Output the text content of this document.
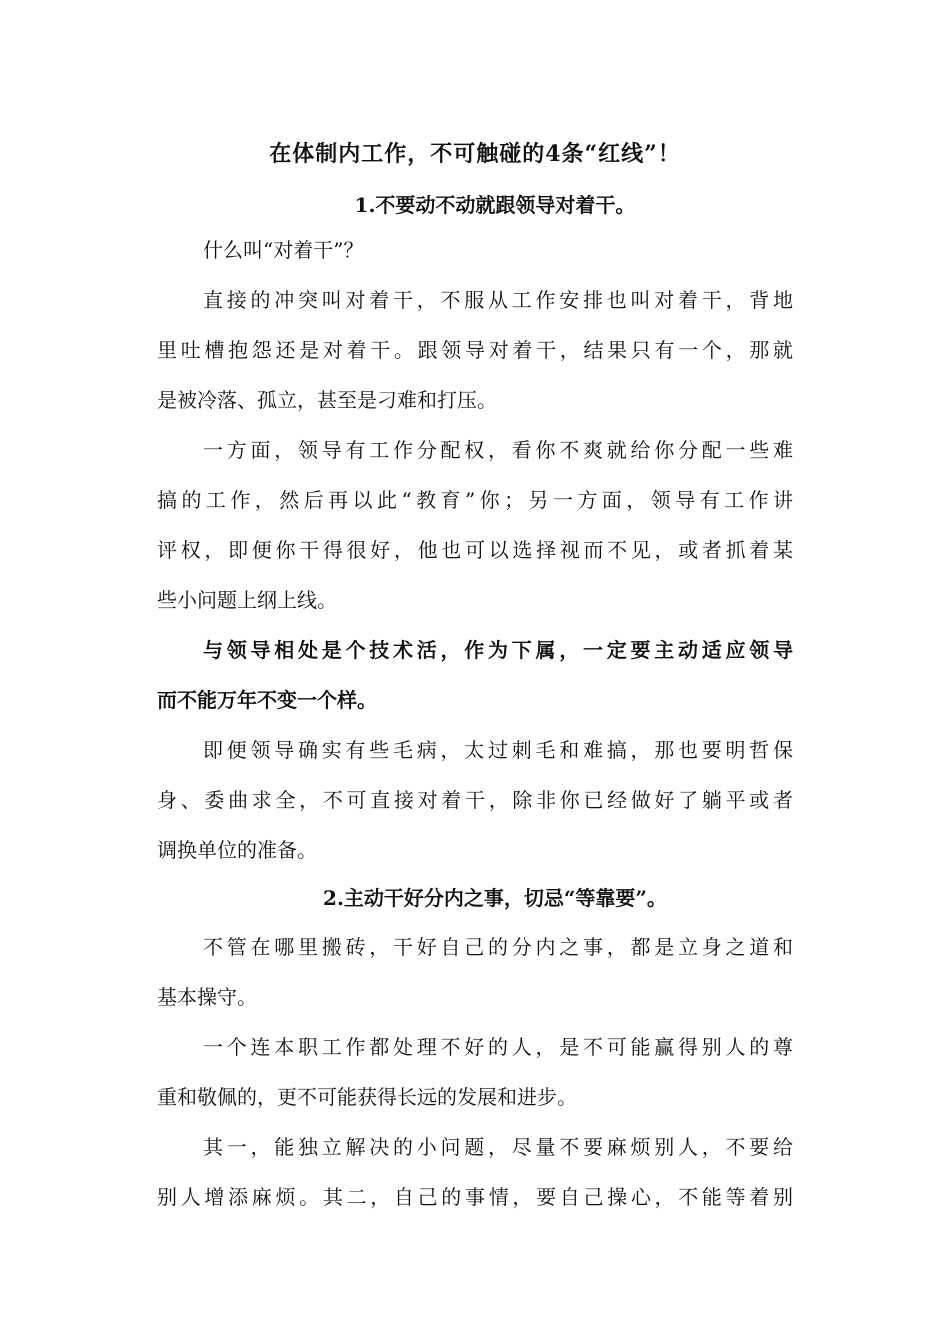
在体制内工作，不可触碰的4条“红线”！
1.不要动不动就跟领导对着干。
什么叫“对着干”？
直接的冲突叫对着干，不服从工作安排也叫对着干，背地
里吐槽抱怨还是对着干。跟领导对着干，结果只有一个，那就
是被冷落、孤立，甚至是刁难和打压。
一方面，领导有工作分配权，看你不爽就给你分配一些难
搞的工作，然后再以此“教育”你；另一方面，领导有工作讲
评权，即便你干得很好，他也可以选择视而不见，或者抓着某
些小问题上纲上线。
与领导相处是个技术活，作为下属，一定要主动适应领导
而不能万年不变一个样。
即便领导确实有些毛病，太过刺毛和难搞，那也要明哲保
身、委曲求全，不可直接对着干，除非你已经做好了躺平或者
调换单位的准备。
2.主动干好分内之事，切忌“等靠要”。
不管在哪里搬砖，干好自己的分内之事，都是立身之道和
基本操守。
一个连本职工作都处理不好的人，是不可能赢得别人的尊
重和敬佩的，更不可能获得长远的发展和进步。
其一，能独立解决的小问题，尽量不要麻烦别人，不要给
别人增添麻烦。其二，自己的事情，要自己操心，不能等着别
